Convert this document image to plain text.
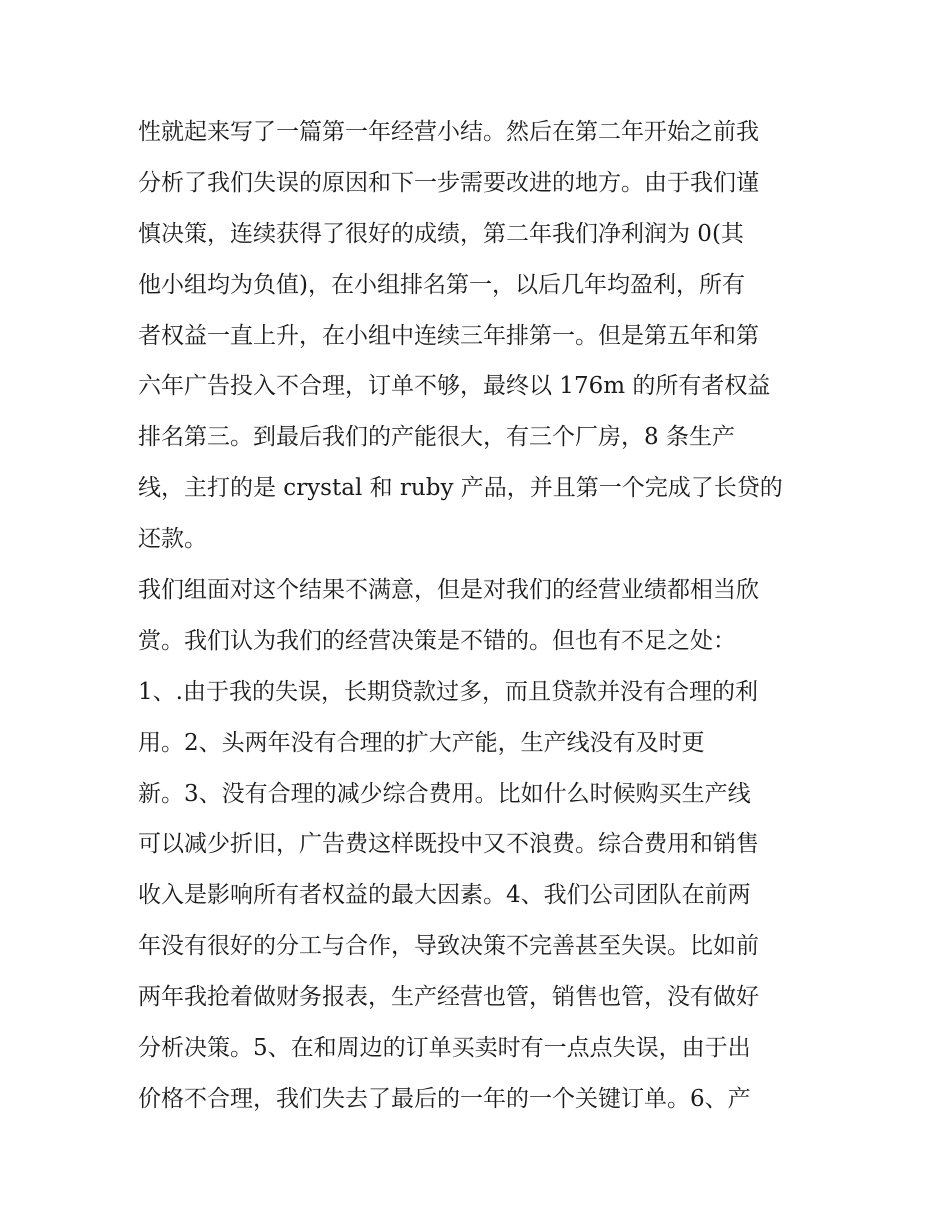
性就起来写了一篇第一年经营小结。然后在第二年开始之前我
分析了我们失误的原因和下一步需要改进的地方。由于我们谨
慎决策，连续获得了很好的成绩，第二年我们净利润为 0(其
他小组均为负值)，在小组排名第一，以后几年均盈利，所有
者权益一直上升，在小组中连续三年排第一。但是第五年和第
六年广告投入不合理，订单不够，最终以 176m 的所有者权益
排名第三。到最后我们的产能很大，有三个厂房，8 条生产
线，主打的是 crystal 和 ruby 产品，并且第一个完成了长贷的
还款。
我们组面对这个结果不满意，但是对我们的经营业绩都相当欣
赏。我们认为我们的经营决策是不错的。但也有不足之处：
1、.由于我的失误，长期贷款过多，而且贷款并没有合理的利
用。2、头两年没有合理的扩大产能，生产线没有及时更
新。3、没有合理的减少综合费用。比如什么时候购买生产线
可以减少折旧，广告费这样既投中又不浪费。综合费用和销售
收入是影响所有者权益的最大因素。4、我们公司团队在前两
年没有很好的分工与合作，导致决策不完善甚至失误。比如前
两年我抢着做财务报表，生产经营也管，销售也管，没有做好
分析决策。5、在和周边的订单买卖时有一点点失误，由于出
价格不合理，我们失去了最后的一年的一个关键订单。6、产
